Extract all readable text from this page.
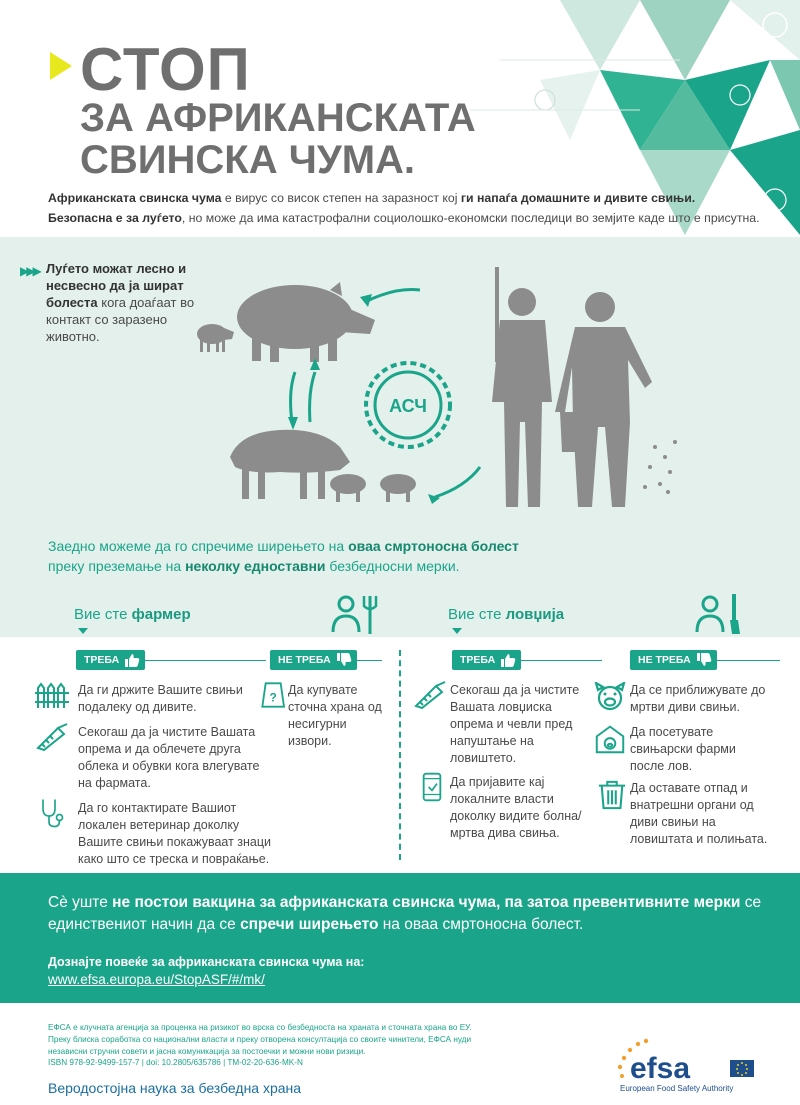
СТОП
ЗА АФРИКАНСКАТА
СВИНСКА ЧУМА.
Африканската свинска чума е вирус со висок степен на заразност кој ги напаѓа домашните и дивите свињи.
Безопасна е за луѓето, но може да има катастрофални социолошко-економски последици во земјите каде што е присутна.
▶▶▶ Луѓето можат лесно и несвесно да ја шират болеста кога доаѓаат во контакт со заразено животно.
АСЧ
Заедно можеме да го спречиме ширењето на оваа смртоносна болест
преку преземање на неколку едноставни безбедносни мерки.
Вие сте фармер	Вие сте ловџија
ТРЕБА	НЕ ТРЕБА	ТРЕБА	НЕ ТРЕБА
Да ги држите Вашите свињи подалеку од дивите.
Секогаш да ја чистите Вашата опрема и да облечете друга облека и обувки кога влегувате на фармата.
Да го контактирате Вашиот локален ветеринар доколку Вашите свињи покажуваат знаци како што се треска и повраќање.
?
Да купувате сточна храна од несигурни извори.
Секогаш да ја чистите Вашата ловџиска опрема и чевли пред напуштање на ловиштето.
Да пријавите кај локалните власти доколку видите болна/мртва дива свиња.
Да се приближувате до мртви диви свињи.
Да посетувате свињарски фарми после лов.
Да оставате отпад и внатрешни органи од диви свињи на ловиштата и полињата.
Сè уште не постои вакцина за африканската свинска чума, па затоа превентивните мерки се единствениот начин да се спречи ширењето на оваа смртоносна болест.
Дознајте повеќе за африканската свинска чума на:
www.efsa.europa.eu/StopASF/#/mk/
ЕФСА е клучната агенција за проценка на ризикот во врска со безбедноста на храната и сточната храна во ЕУ.
Преку блиска соработка со национални власти и преку отворена консултација со своите чинители, ЕФСА нуди
независни стручни совети и јасна комуникација за постоечки и можни нови ризици.
ISBN 978-92-9499-157-7 | doi: 10.2805/635786 | TM-02-20-636-MK-N
Веродостојна наука за безбедна храна
efsa
European Food Safety Authority
